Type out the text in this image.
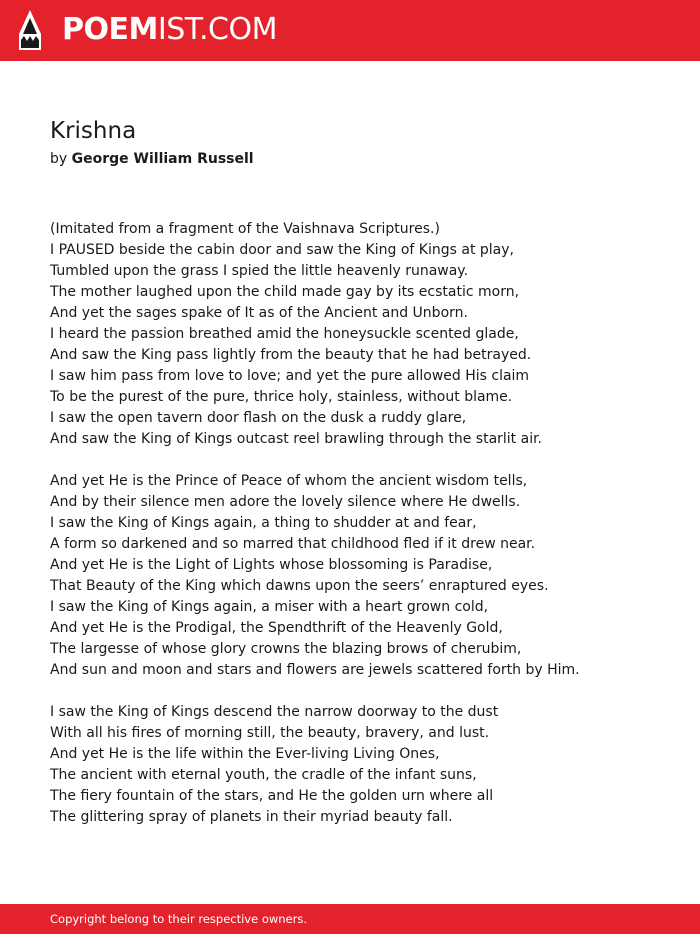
POEMIST.COM
Krishna
by George William Russell
(Imitated from a fragment of the Vaishnava Scriptures.)
I PAUSED beside the cabin door and saw the King of Kings at play,
Tumbled upon the grass I spied the little heavenly runaway.
The mother laughed upon the child made gay by its ecstatic morn,
And yet the sages spake of It as of the Ancient and Unborn.
I heard the passion breathed amid the honeysuckle scented glade,
And saw the King pass lightly from the beauty that he had betrayed.
I saw him pass from love to love; and yet the pure allowed His claim
To be the purest of the pure, thrice holy, stainless, without blame.
I saw the open tavern door flash on the dusk a ruddy glare,
And saw the King of Kings outcast reel brawling through the starlit air.
And yet He is the Prince of Peace of whom the ancient wisdom tells,
And by their silence men adore the lovely silence where He dwells.
I saw the King of Kings again, a thing to shudder at and fear,
A form so darkened and so marred that childhood fled if it drew near.
And yet He is the Light of Lights whose blossoming is Paradise,
That Beauty of the King which dawns upon the seers’ enraptured eyes.
I saw the King of Kings again, a miser with a heart grown cold,
And yet He is the Prodigal, the Spendthrift of the Heavenly Gold,
The largesse of whose glory crowns the blazing brows of cherubim,
And sun and moon and stars and flowers are jewels scattered forth by Him.
I saw the King of Kings descend the narrow doorway to the dust
With all his fires of morning still, the beauty, bravery, and lust.
And yet He is the life within the Ever-living Living Ones,
The ancient with eternal youth, the cradle of the infant suns,
The fiery fountain of the stars, and He the golden urn where all
The glittering spray of planets in their myriad beauty fall.
Copyright belong to their respective owners.
